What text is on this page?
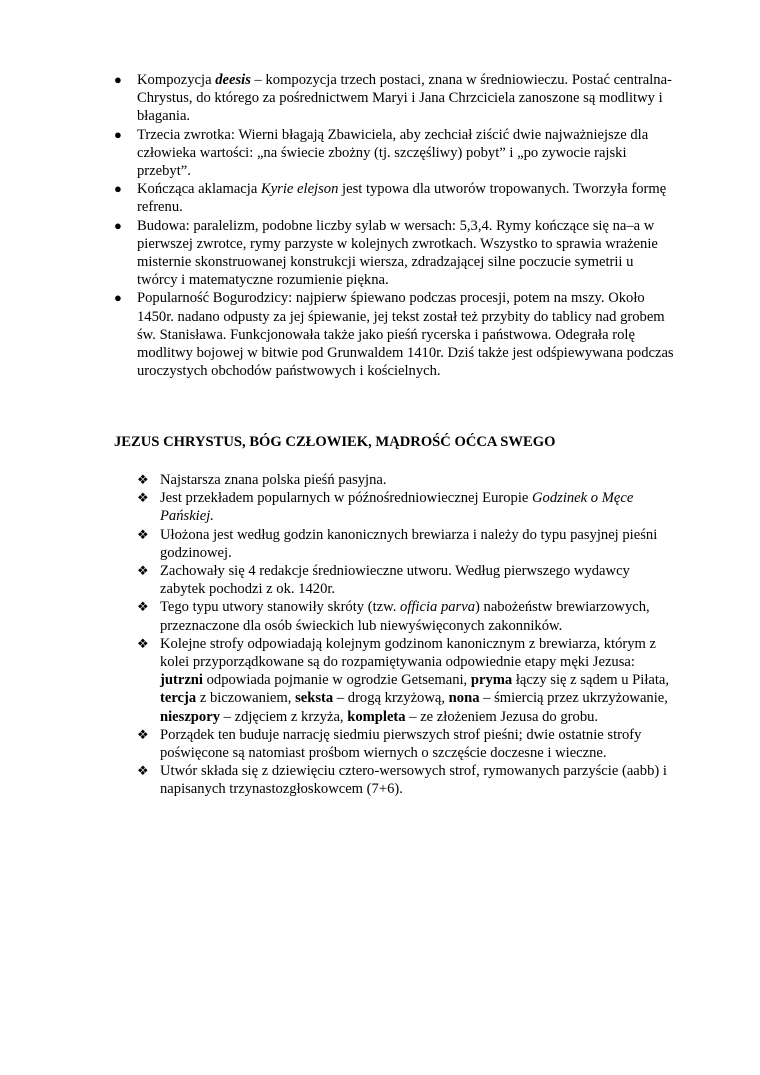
●	Kompozycja deesis – kompozycja trzech postaci, znana w średniowieczu. Postać centralna-Chrystus, do którego za pośrednictwem Maryi i Jana Chrzciciela zanoszone są modlitwy i błagania.
●	Trzecia zwrotka: Wierni błagają Zbawiciela, aby zechciał ziścić dwie najważniejsze dla człowieka wartości: „na świecie zbożny (tj. szczęśliwy) pobyt” i „po zywocie rajski przebyt”.
●	Kończąca aklamacja Kyrie elejson jest typowa dla utworów tropowanych. Tworzyła formę refrenu.
●	Budowa: paralelizm, podobne liczby sylab w wersach: 5,3,4. Rymy kończące się na–a w pierwszej zwrotce, rymy parzyste w kolejnych zwrotkach. Wszystko to sprawia wrażenie misternie skonstruowanej konstrukcji wiersza, zdradzającej silne poczucie symetrii u twórcy i matematyczne rozumienie piękna.
●	Popularność Bogurodzicy: najpierw śpiewano podczas procesji, potem na mszy. Około 1450r. nadano odpusty za jej śpiewanie, jej tekst został też przybity do tablicy nad grobem św. Stanisława. Funkcjonowała także jako pieśń rycerska i państwowa. Odegrała rolę modlitwy bojowej w bitwie pod Grunwaldem 1410r. Dziś także jest odśpiewywana podczas uroczystych obchodów państwowych i kościelnych.
JEZUS CHRYSTUS, BÓG CZŁOWIEK, MĄDROŚĆ OĆCA SWEGO
❖ Najstarsza znana polska pieśń pasyjna.
❖ Jest przekładem popularnych w późnośredniowiecznej Europie Godzinek o Męce Pańskiej.
❖ Ułożona jest według godzin kanonicznych brewiarza i należy do typu pasyjnej pieśni godzinowej.
❖ Zachowały się 4 redakcje średniowieczne utworu. Według pierwszego wydawcy zabytek pochodzi z ok. 1420r.
❖ Tego typu utwory stanowiły skróty (tzw. officia parva) nabożeństw brewiarzowych, przeznaczone dla osób świeckich lub niewyświęconych zakonników.
❖ Kolejne strofy odpowiadają kolejnym godzinom kanonicznym z brewiarza, którym z kolei przyporządkowane są do rozpamiętywania odpowiednie etapy męki Jezusa: jutrzni odpowiada pojmanie w ogrodzie Getsemani, pryma łączy się z sądem u Piłata, tercja z biczowaniem, seksta – drogą krzyżową, nona – śmiercią przez ukrzyżowanie, nieszpory – zdjęciem z krzyża, kompleta – ze złożeniem Jezusa do grobu.
❖ Porządek ten buduje narrację siedmiu pierwszych strof pieśni; dwie ostatnie strofy poświęcone są natomiast prośbom wiernych o szczęście doczesne i wieczne.
❖ Utwór składa się z dziewięciu cztero-wersowych strof, rymowanych parzyście (aabb) i napisanych trzynastozgłoskowcem (7+6).
